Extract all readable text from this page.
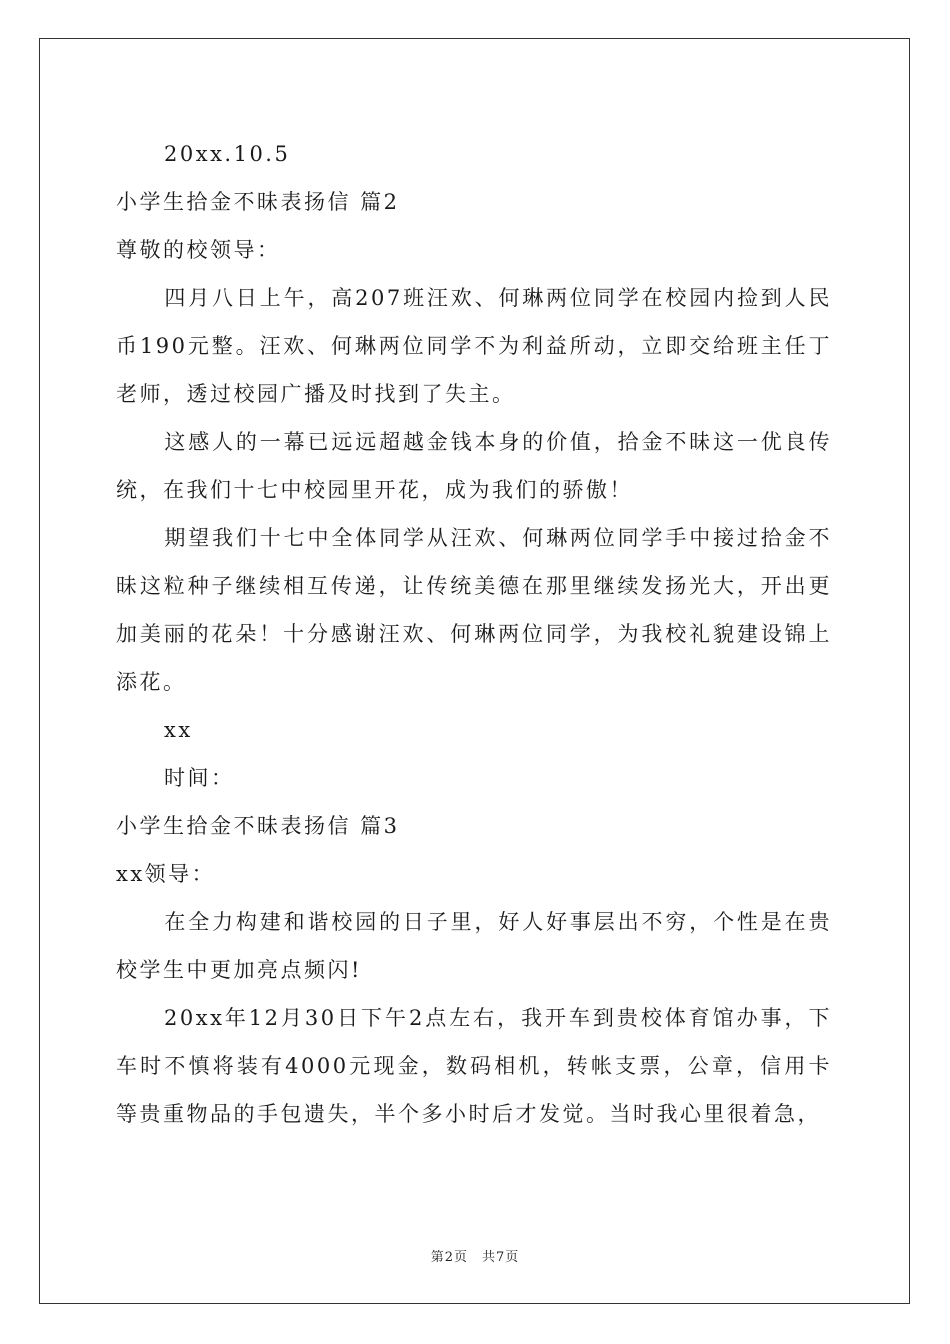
20xx.10.5
小学生拾金不昧表扬信 篇2
尊敬的校领导：

四月八日上午，高207班汪欢、何琳两位同学在校园内捡到人民币190元整。汪欢、何琳两位同学不为利益所动，立即交给班主任丁老师，透过校园广播及时找到了失主。

这感人的一幕已远远超越金钱本身的价值，拾金不昧这一优良传统，在我们十七中校园里开花，成为我们的骄傲！

期望我们十七中全体同学从汪欢、何琳两位同学手中接过拾金不昧这粒种子继续相互传递，让传统美德在那里继续发扬光大，开出更加美丽的花朵！十分感谢汪欢、何琳两位同学，为我校礼貌建设锦上添花。

xx
时间：
小学生拾金不昧表扬信 篇3
xx领导：

在全力构建和谐校园的日子里，好人好事层出不穷，个性是在贵校学生中更加亮点频闪!

20xx年12月30日下午2点左右，我开车到贵校体育馆办事，下车时不慎将装有4000元现金，数码相机，转帐支票，公章，信用卡等贵重物品的手包遗失，半个多小时后才发觉。当时我心里很着急，

第2页 共7页
